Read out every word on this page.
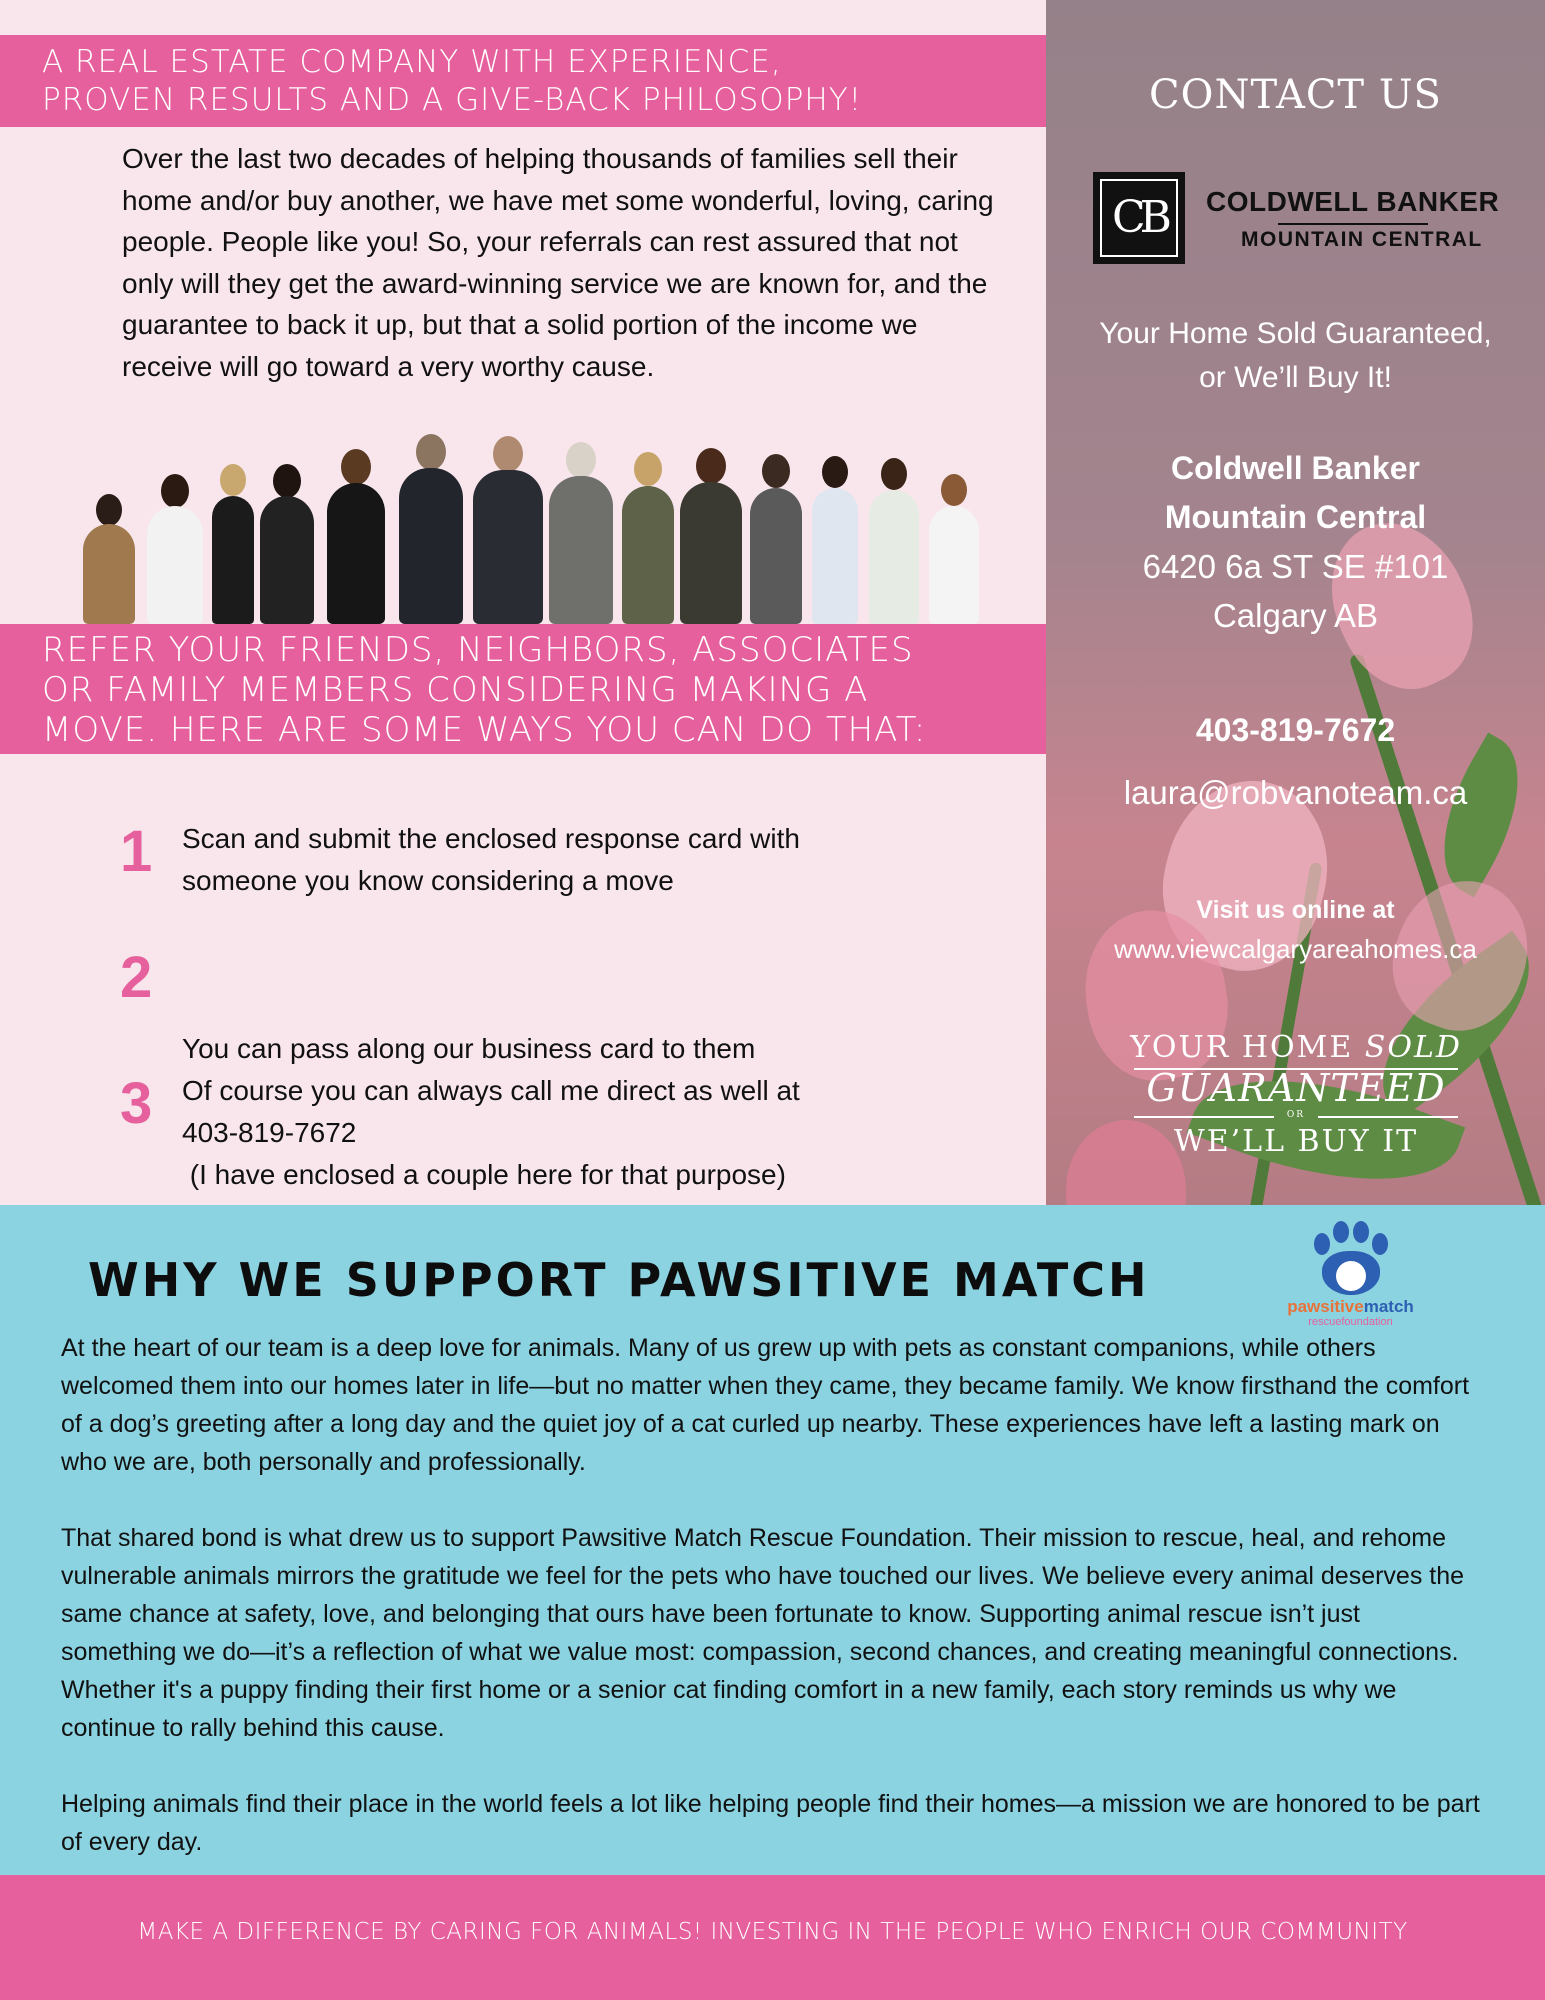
A REAL ESTATE COMPANY WITH EXPERIENCE,
PROVEN RESULTS AND A GIVE-BACK PHILOSOPHY!
Over the last two decades of helping thousands of families sell their home and/or buy another, we have met some wonderful, loving, caring people. People like you! So, your referrals can rest assured that not only will they get the award-winning service we are known for, and the guarantee to back it up, but that a solid portion of the income we receive will go toward a very worthy cause.
REFER YOUR FRIENDS, NEIGHBORS, ASSOCIATES
OR FAMILY MEMBERS CONSIDERING MAKING A
MOVE. HERE ARE SOME WAYS YOU CAN DO THAT:
1 Scan and submit the enclosed response card with
someone you know considering a move
2

You can pass along our business card to them

(I have enclosed a couple here for that purpose)

3 Of course you can always call me direct as well at
403-819-7672
CONTACT US
CB	COLDWELL BANKER
MOUNTAIN CENTRAL
Your Home Sold Guaranteed,
or We’ll Buy It!
Coldwell Banker
Mountain Central
6420 6a ST SE #101
Calgary AB
403-819-7672
laura@robvanoteam.ca
Visit us online at
www.viewcalgaryareahomes.ca
YOUR HOME SOLD
GUARANTEED
OR
WE’LL BUY IT
WHY WE SUPPORT PAWSITIVE MATCH	pawsitivematch
rescuefoundation
At the heart of our team is a deep love for animals. Many of us grew up with pets as constant companions, while others welcomed them into our homes later in life—but no matter when they came, they became family. We know firsthand the comfort of a dog’s greeting after a long day and the quiet joy of a cat curled up nearby. These experiences have left a lasting mark on who we are, both personally and professionally.
That shared bond is what drew us to support Pawsitive Match Rescue Foundation. Their mission to rescue, heal, and rehome vulnerable animals mirrors the gratitude we feel for the pets who have touched our lives. We believe every animal deserves the same chance at safety, love, and belonging that ours have been fortunate to know. Supporting animal rescue isn’t just something we do—it’s a reflection of what we value most: compassion, second chances, and creating meaningful connections. Whether it's a puppy finding their first home or a senior cat finding comfort in a new family, each story reminds us why we continue to rally behind this cause.
Helping animals find their place in the world feels a lot like helping people find their homes—a mission we are honored to be part of every day.
MAKE A DIFFERENCE BY CARING FOR ANIMALS! INVESTING IN THE PEOPLE WHO ENRICH OUR COMMUNITY
